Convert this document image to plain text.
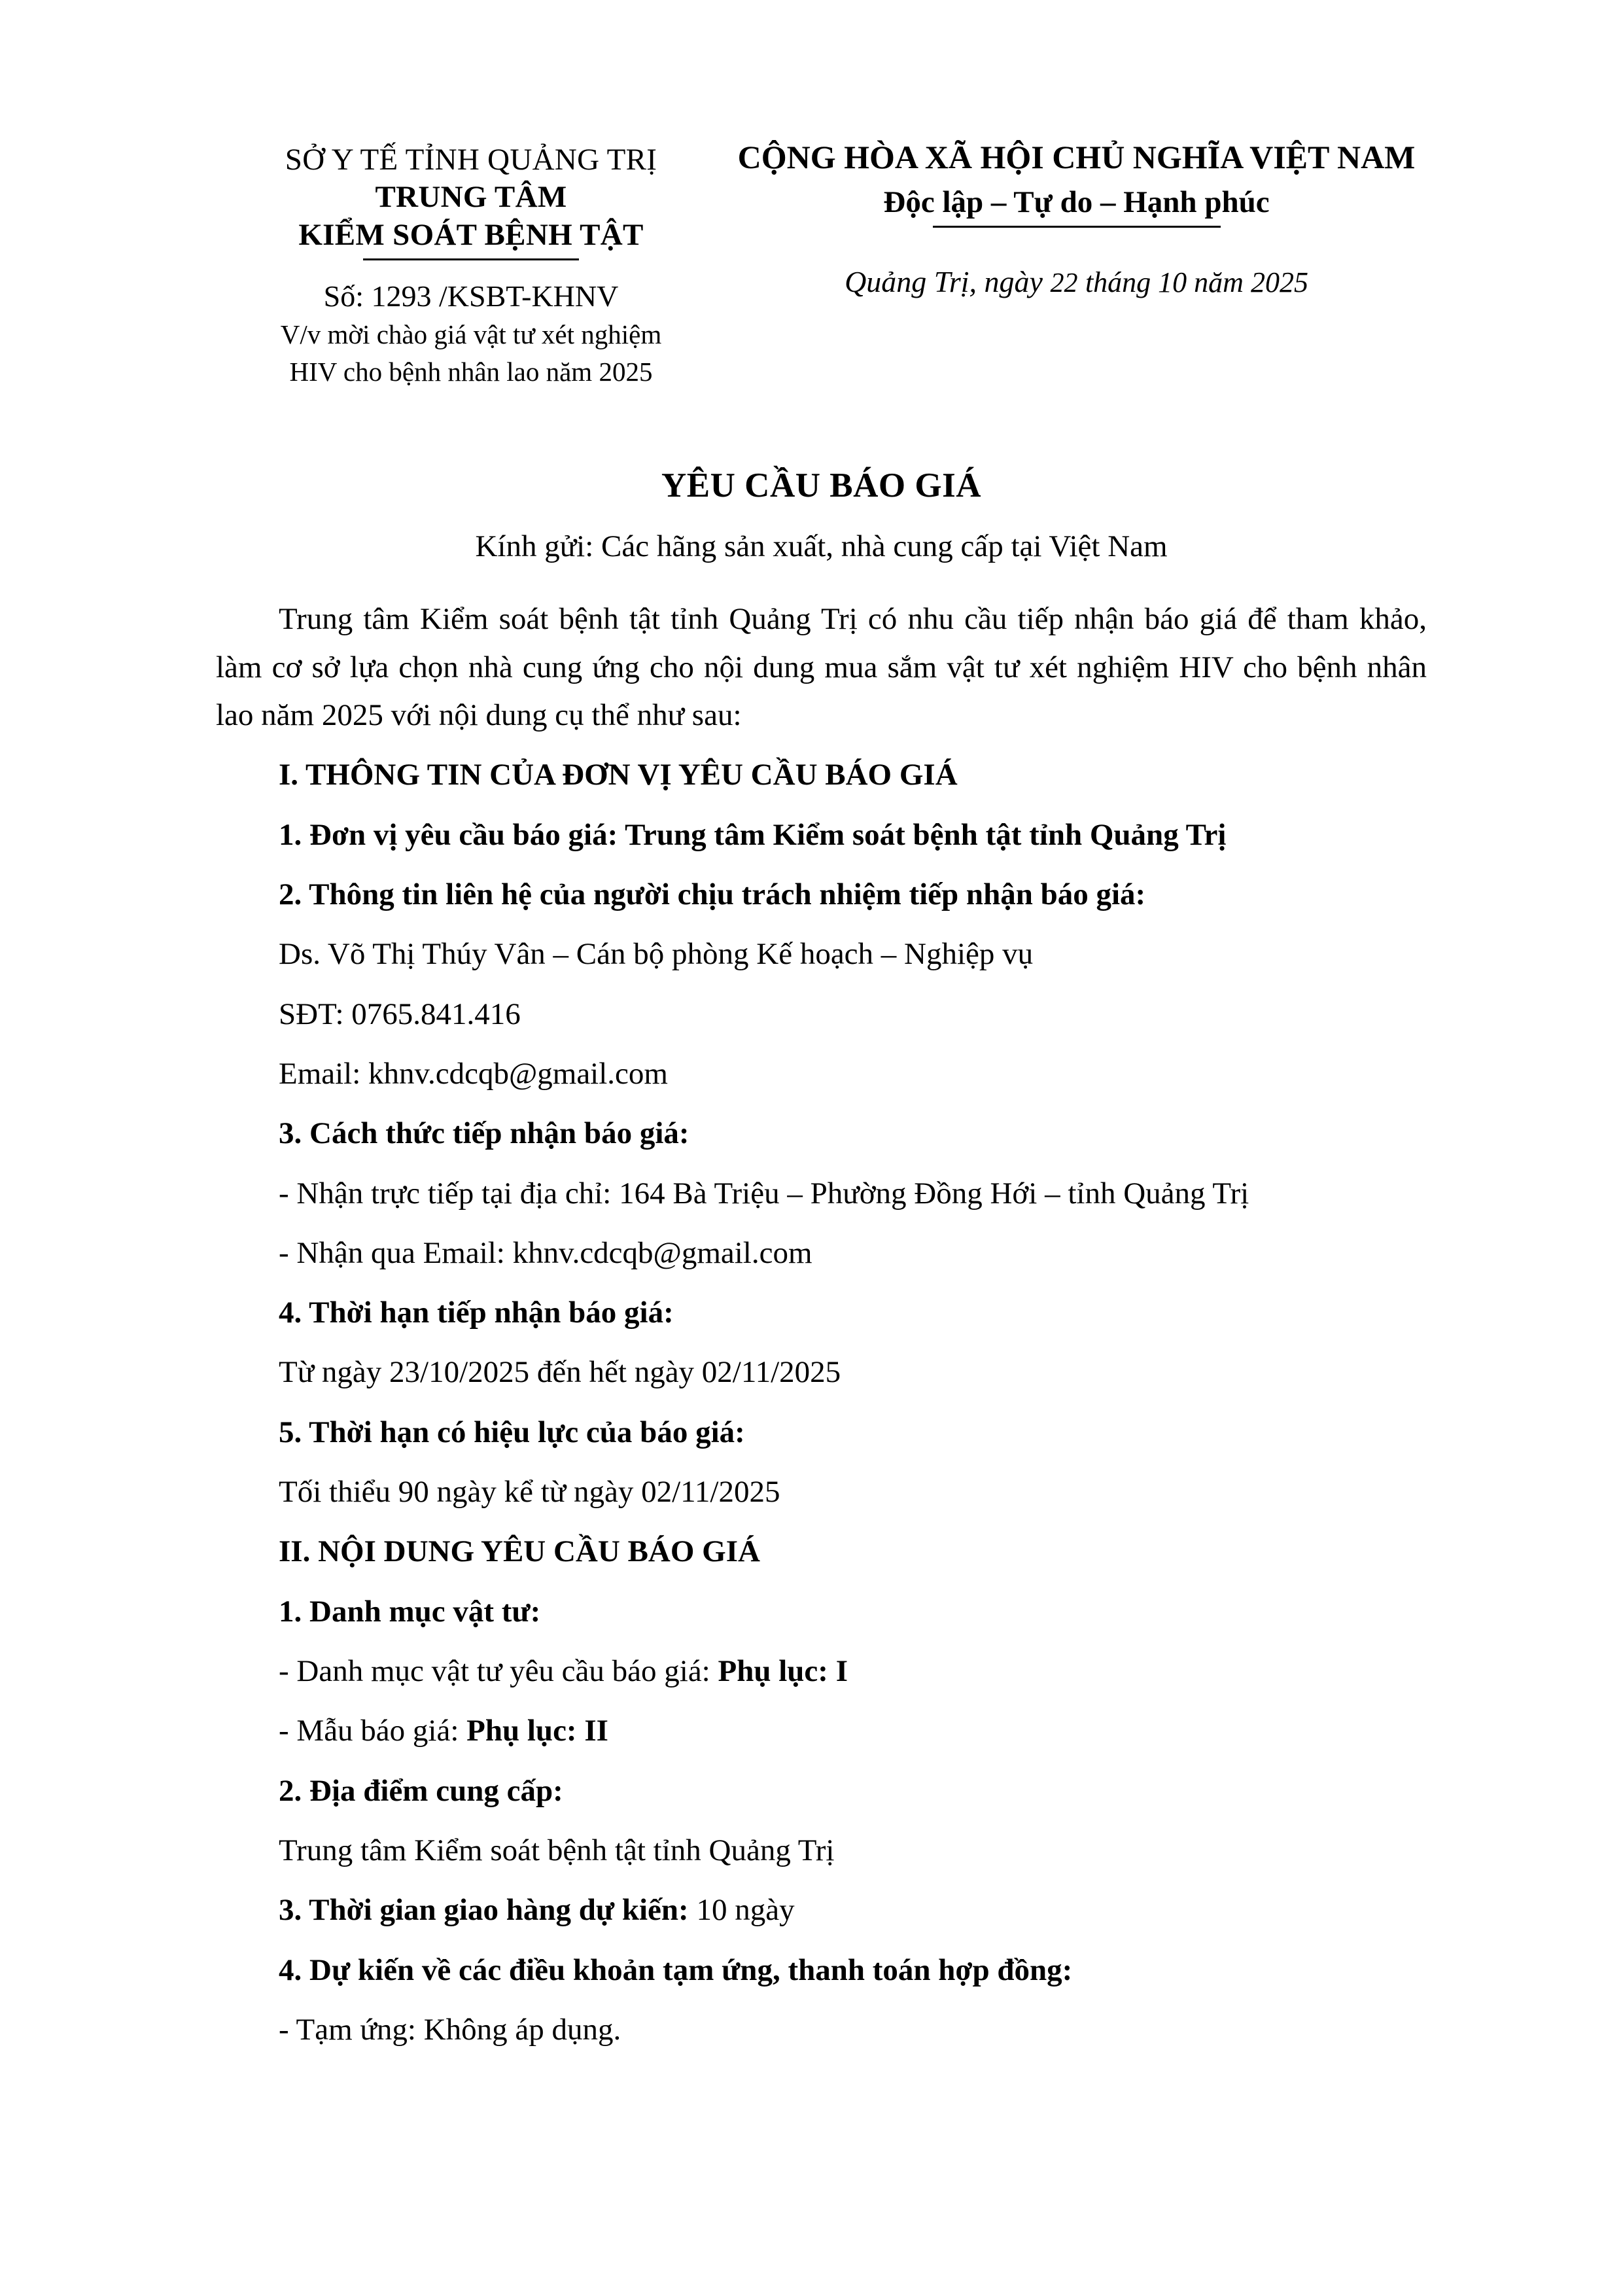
SỞ Y TẾ TỈNH QUẢNG TRỊ
TRUNG TÂM
KIỂM SOÁT BỆNH TẬT
Số: 1293 /KSBT-KHNV
V/v mời chào giá vật tư xét nghiệm
HIV cho bệnh nhân lao năm 2025
CỘNG HÒA XÃ HỘI CHỦ NGHĨA VIỆT NAM
Độc lập – Tự do – Hạnh phúc
Quảng Trị, ngày 22 tháng 10 năm 2025
YÊU CẦU BÁO GIÁ
Kính gửi: Các hãng sản xuất, nhà cung cấp tại Việt Nam

Trung tâm Kiểm soát bệnh tật tỉnh Quảng Trị có nhu cầu tiếp nhận báo giá để tham khảo, làm cơ sở lựa chọn nhà cung ứng cho nội dung mua sắm vật tư xét nghiệm HIV cho bệnh nhân lao năm 2025 với nội dung cụ thể như sau:

I. THÔNG TIN CỦA ĐƠN VỊ YÊU CẦU BÁO GIÁ
1. Đơn vị yêu cầu báo giá: Trung tâm Kiểm soát bệnh tật tỉnh Quảng Trị
2. Thông tin liên hệ của người chịu trách nhiệm tiếp nhận báo giá:
Ds. Võ Thị Thúy Vân – Cán bộ phòng Kế hoạch – Nghiệp vụ
SĐT: 0765.841.416
Email: khnv.cdcqb@gmail.com
3. Cách thức tiếp nhận báo giá:
- Nhận trực tiếp tại địa chỉ: 164 Bà Triệu – Phường Đồng Hới – tỉnh Quảng Trị
- Nhận qua Email: khnv.cdcqb@gmail.com
4. Thời hạn tiếp nhận báo giá:
Từ ngày 23/10/2025 đến hết ngày 02/11/2025
5. Thời hạn có hiệu lực của báo giá:
Tối thiểu 90 ngày kể từ ngày 02/11/2025
II. NỘI DUNG YÊU CẦU BÁO GIÁ
1. Danh mục vật tư:
- Danh mục vật tư yêu cầu báo giá: Phụ lục: I
- Mẫu báo giá: Phụ lục: II
2. Địa điểm cung cấp:
Trung tâm Kiểm soát bệnh tật tỉnh Quảng Trị
3. Thời gian giao hàng dự kiến: 10 ngày
4. Dự kiến về các điều khoản tạm ứng, thanh toán hợp đồng:
- Tạm ứng: Không áp dụng.
